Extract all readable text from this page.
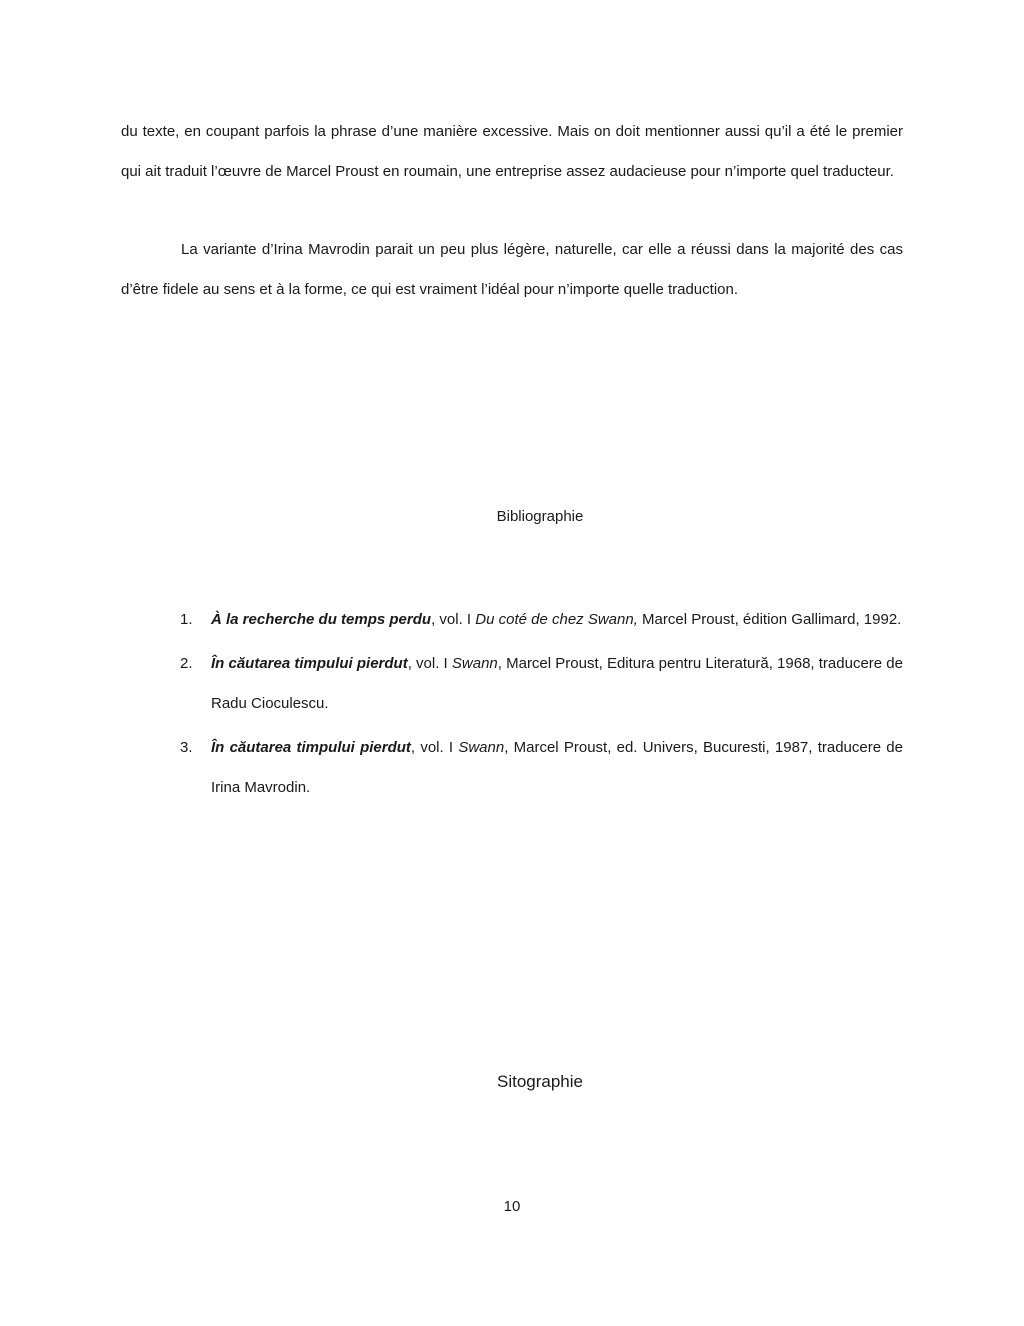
du texte, en coupant parfois la phrase d’une manière excessive. Mais on doit mentionner aussi qu’il a été le premier qui ait traduit l’œuvre de Marcel Proust en roumain, une entreprise assez audacieuse pour n’importe quel traducteur.

La variante d’Irina Mavrodin parait un peu plus légère, naturelle, car elle a réussi dans la majorité des cas d’être fidele au sens et à la forme, ce qui est vraiment l’idéal pour n’importe quelle traduction.

Bibliographie
1. À la recherche du temps perdu, vol. I Du coté de chez Swann, Marcel Proust, édition Gallimard, 1992.
2. În căutarea timpului pierdut, vol. I Swann, Marcel Proust, Editura pentru Literatură, 1968, traducere de Radu Cioculescu.
3. În căutarea timpului pierdut, vol. I Swann, Marcel Proust, ed. Univers, Bucuresti, 1987, traducere de Irina Mavrodin.
Sitographie

10
